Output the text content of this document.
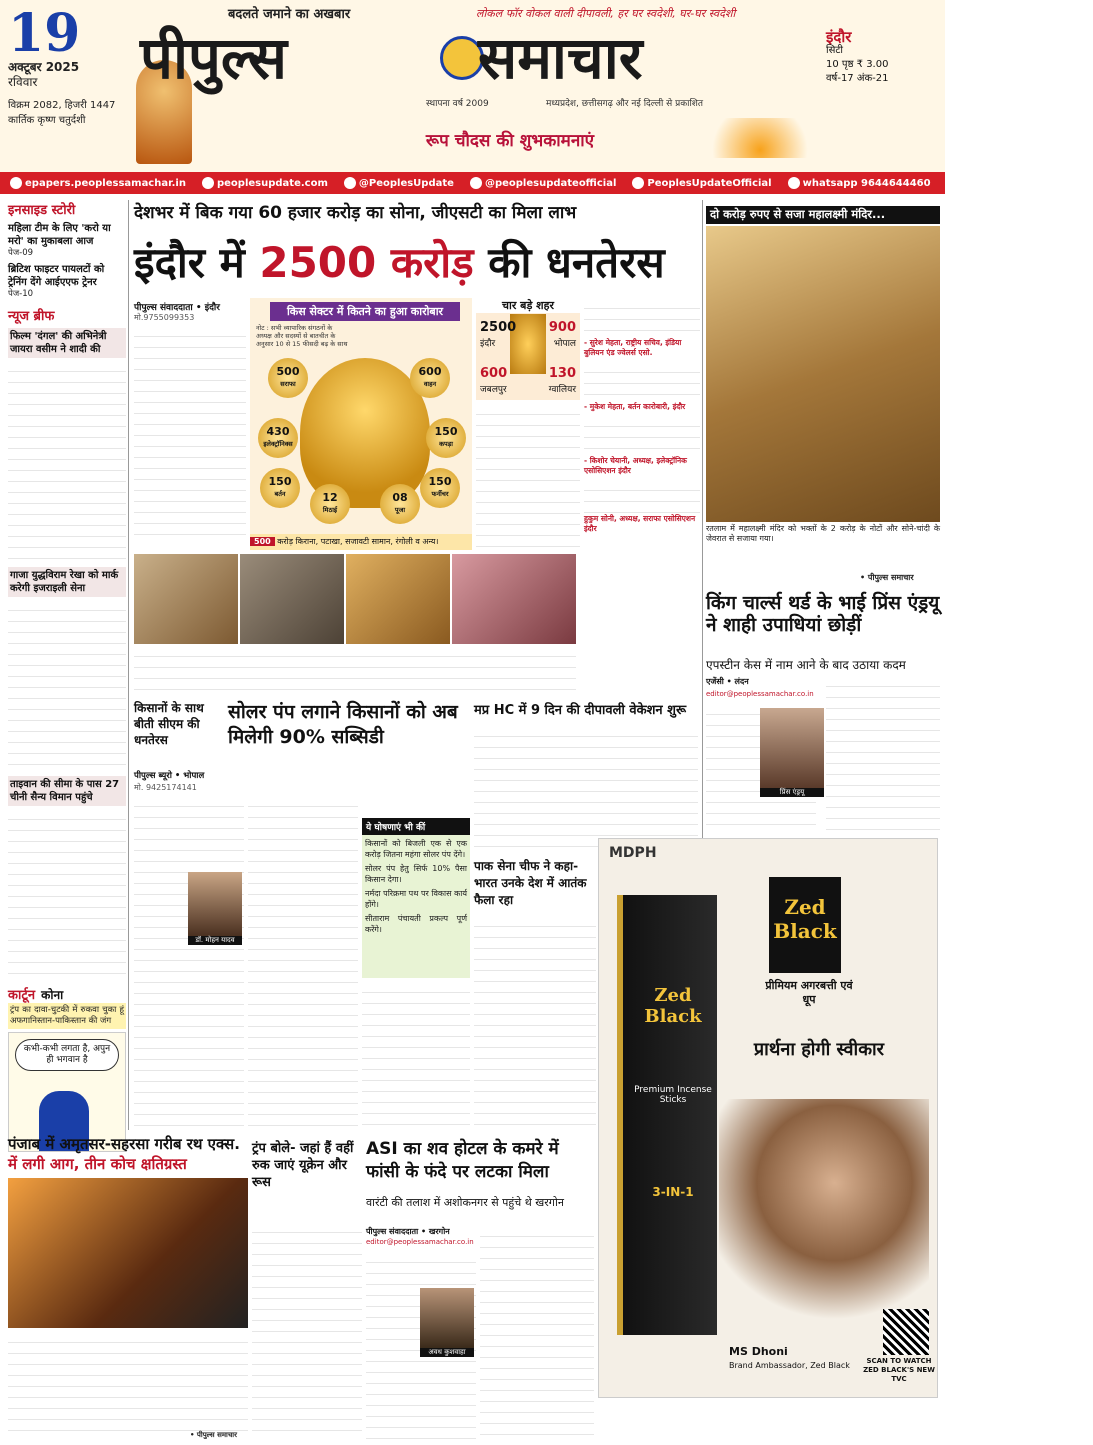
19
अक्टूबर 2025
रविवार
विक्रम 2082, हिजरी 1447
कार्तिक कृष्ण चतुर्दशी
बदलते जमाने का अखबार
पीपुल्स	समाचार
लोकल फॉर वोकल वाली दीपावली, हर घर स्वदेशी, घर-घर स्वदेशी
स्थापना वर्ष 2009	मध्यप्रदेश, छत्तीसगढ़ और नई दिल्ली से प्रकाशित
रूप चौदस की शुभकामनाएं
इंदौर
सिटी
10 पृष्ठ ₹ 3.00
वर्ष-17 अंक-21
epapers.peoplessamachar.in	peoplesupdate.com	@PeoplesUpdate	@peoplesupdateofficial	PeoplesUpdateOfficial	whatsapp 9644644460	@peoplesupdateofficial
इनसाइड स्टोरी
महिला टीम के लिए 'करो या मरो' का मुकाबला आज
पेज-09
ब्रिटिश फाइटर पायलटों को ट्रेनिंग देंगे आईएएफ ट्रेनर
पेज-10
न्यूज ब्रीफ
फिल्म 'दंगल' की अभिनेत्री जायरा वसीम ने शादी की
गाजा युद्धविराम रेखा को मार्क करेगी इजराइली सेना
ताइवान की सीमा के पास 27 चीनी सैन्य विमान पहुंचे
कार्टून कोना
ट्रंप का दावा-चुटकी में रुकवा चुका हूं अफगानिस्तान-पाकिस्तान की जंग
कभी-कभी लगता है, अपुन ही भगवान है
देशभर में बिक गया 60 हजार करोड़ का सोना, जीएसटी का मिला लाभ
इंदौर में 2500 करोड़ की धनतेरस
पीपुल्स संवाददाता • इंदौर
मो.9755099353	किस सेक्टर में कितने का हुआ कारोबार
नोट : सभी व्यापारिक संगठनों के अध्यक्ष और सदस्यों से बातचीत के अनुसार 10 से 15 फीसदी बढ़ के साथ
500
सराफा
600
वाहन
430
इलेक्ट्रॉनिक्स
150
कपड़ा
150
बर्तन
150
फर्नीचर
12
मिठाई
08
पूजा
500 करोड़ किराना, पटाखा, सजावटी सामान, रंगोली व अन्य।
चार बड़े शहर
2500
इंदौर
900
भोपाल
600
जबलपुर
130
ग्वालियर
- सुरेश मेहता, राष्ट्रीय सचिव, इंडिया बुलियन एंड ज्वेलर्स एसो.
- मुकेश मेहता, बर्तन कारोबारी, इंदौर
- किशोर चेयानी, अध्यक्ष, इलेक्ट्रॉनिक एसोसिएशन इंदौर
हुकुम सोनी, अध्यक्ष, सराफा एसोसिएशन इंदौर
दो करोड़ रुपए से सजा महालक्ष्मी मंदिर...
रतलाम में महालक्ष्मी मंदिर को भक्तों के 2 करोड़ के नोटों और सोने-चांदी के जेवरात से सजाया गया।
• पीपुल्स समाचार
किंग चार्ल्स थर्ड के भाई प्रिंस एंड्रयू ने शाही उपाधियां छोड़ीं
एपस्टीन केस में नाम आने के बाद उठाया कदम
एजेंसी • लंदन
editor@peoplessamachar.co.in
प्रिंस एंड्रयू
किसानों के साथ बीती सीएम की धनतेरस
सोलर पंप लगाने किसानों को अब मिलेगी 90% सब्सिडी
पीपुल्स ब्यूरो • भोपाल
मो. 9425174141
डॉ. मोहन यादव
ये घोषणाएं भी कीं
किसानों को बिजली एक से एक करोड़ जितना महंगा सोलर पंप देंगे।
सोलर पंप हेतु सिर्फ 10% पैसा किसान देगा।
नर्मदा परिक्रमा पथ पर विकास कार्य होंगे।
सीताराम पंचायती प्रकल्प पूर्ण करेंगे।
मप्र HC में 9 दिन की दीपावली वेकेशन शुरू
पाक सेना चीफ ने कहा- भारत उनके देश में आतंक फैला रहा
MDPH
Zed Black
प्रीमियम अगरबत्ती एवं धूप
प्रार्थना होगी स्वीकार
Zed Black
Premium Incense Sticks
3-IN-1
MS Dhoni
Brand Ambassador, Zed Black	SCAN TO WATCH ZED BLACK'S NEW TVC
पंजाब में अमृतसर-सहरसा गरीब रथ एक्स.
में लगी आग, तीन कोच क्षतिग्रस्त
• पीपुल्स समाचार
ट्रंप बोले- जहां हैं वहीं रुक जाएं यूक्रेन और रूस
ASI का शव होटल के कमरे में फांसी के फंदे पर लटका मिला
वारंटी की तलाश में अशोकनगर से पहुंचे थे खरगोन
पीपुल्स संवाददाता • खरगोन
editor@peoplessamachar.co.in
अवध कुशवाहा
